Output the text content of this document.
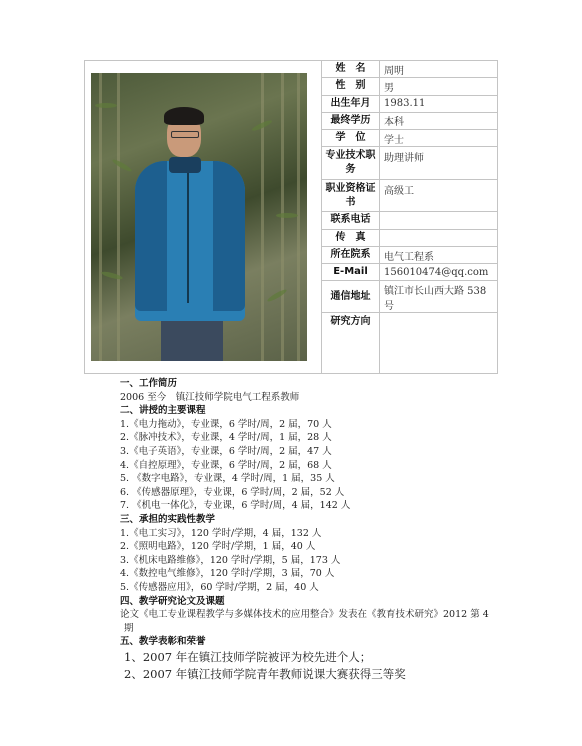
	姓　名	周明
	性　别	男
	出生年月	1983.11
	最终学历	本科
	学　位	学士
	专业技术职务	助理讲师
	职业资格证书	高级工
	联系电话	
	传　真	
	所在院系	电气工程系
	E-Mail	156010474@qq.com
	通信地址	镇江市长山西大路 538 号
	研究方向	
一、工作简历
2006 至今　镇江技师学院电气工程系教师
二、讲授的主要课程
1.《电力拖动》，专业课，6 学时/周，2 届，70 人
2.《脉冲技术》，专业课，4 学时/周，1 届，28 人
3.《电子英语》，专业课，6 学时/周，2 届，47 人
4.《自控原理》，专业课，6 学时/周，2 届，68 人
5. 《数字电路》，专业课，4 学时/周，1 届，35 人
6. 《传感器原理》，专业课，6 学时/周，2 届，52 人
7. 《机电一体化》，专业课，6 学时/周，4 届，142 人
三、承担的实践性教学
1.《电工实习》，120 学时/学期，4 届，132 人
2.《照明电路》，120 学时/学期，1 届，40 人
3.《机床电路维修》，120 学时/学期，5 届，173 人
4.《数控电气维修》，120 学时/学期，3 届，70 人
5.《传感器应用》，60 学时/学期，2 届，40 人
四、教学研究论文及课题
论文《电工专业课程教学与多媒体技术的应用整合》发表在《教育技术研究》2012 第 4
期
五、教学表彰和荣誉
1、2007 年在镇江技师学院被评为校先进个人；
2、2007 年镇江技师学院青年教师说课大赛获得三等奖
